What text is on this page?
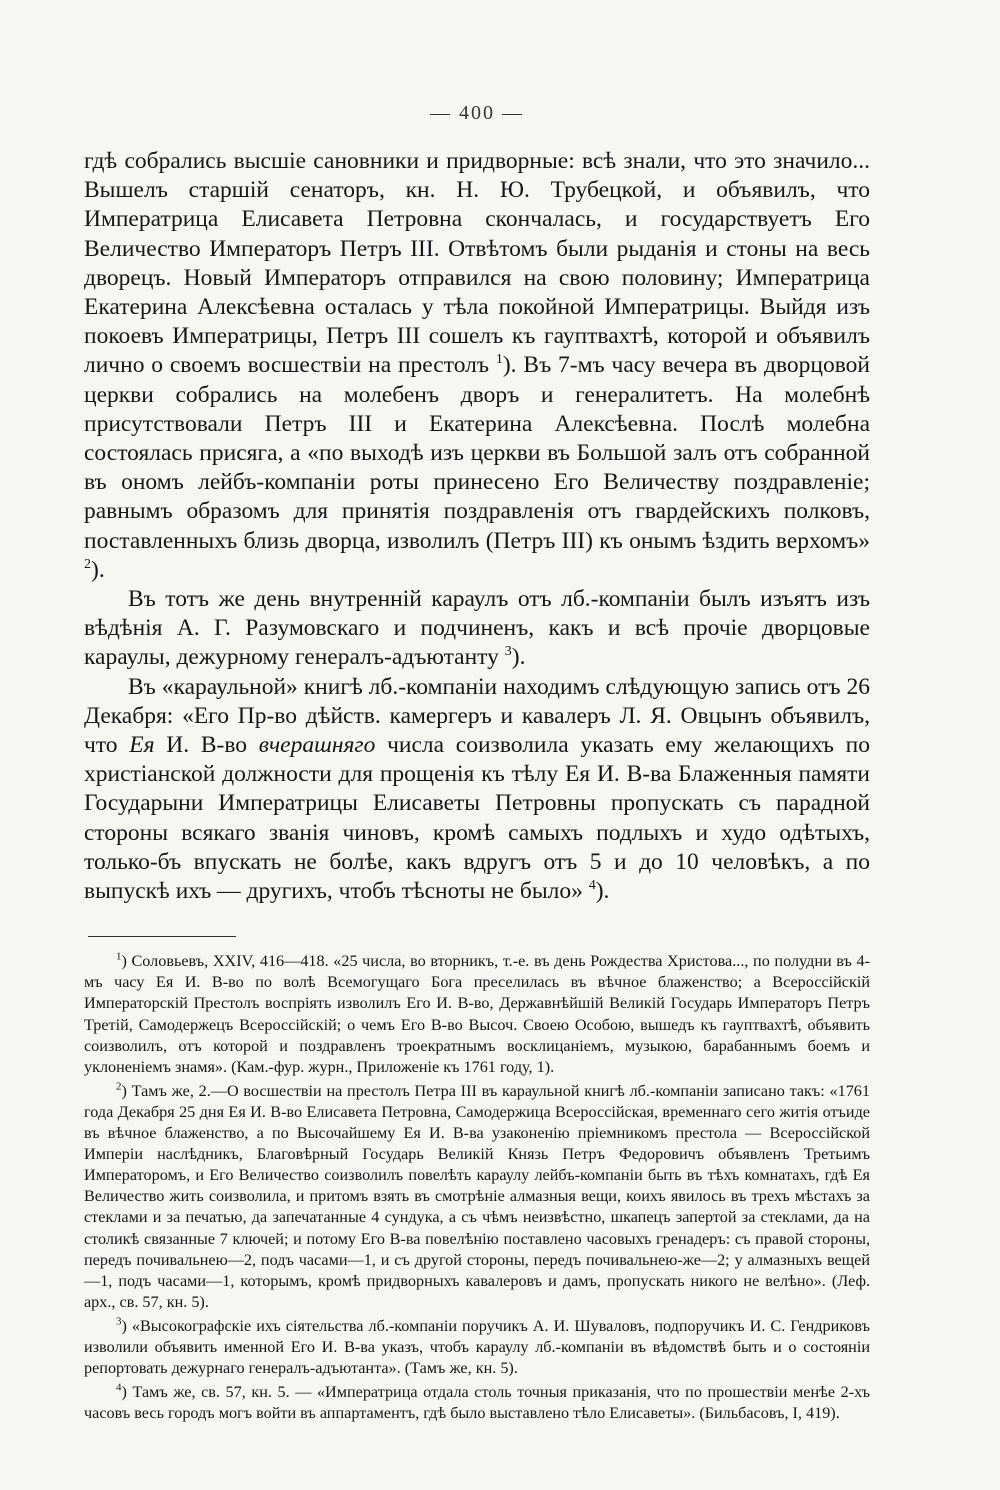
— 400 —

гдѣ собрались высшіе сановники и придворные: всѣ знали, что это значило... Вышелъ старшій сенаторъ, кн. Н. Ю. Трубецкой, и объявилъ, что Императрица Елисавета Петровна скончалась, и государствуетъ Его Величество Императоръ Петръ III. Отвѣтомъ были рыданія и стоны на весь дворецъ. Новый Императоръ отправился на свою половину; Императрица Екатерина Алексѣевна осталась у тѣла покойной Императрицы. Выйдя изъ покоевъ Императрицы, Петръ III сошелъ къ гауптвахтѣ, которой и объявилъ лично о своемъ восшествіи на престолъ $^1$). Въ 7-мъ часу вечера въ дворцовой церкви собрались на молебенъ дворъ и генералитетъ. На молебнѣ присутствовали Петръ III и Екатерина Алексѣевна. Послѣ молебна состоялась присяга, а «по выходѣ изъ церкви въ Большой залъ отъ собранной въ ономъ лейбъ-компаніи роты принесено Его Величеству поздравленіе; равнымъ образомъ для принятія поздравленія отъ гвардейскихъ полковъ, поставленныхъ близь дворца, изволилъ (Петръ III) къ онымъ ѣздить верхомъ» $^2$).

Въ тотъ же день внутренній караулъ отъ лб.-компаніи былъ изъятъ изъ вѣдѣнія А. Г. Разумовскаго и подчиненъ, какъ и всѣ прочіе дворцовые караулы, дежурному генералъ-адъютанту $^3$).

Въ «караульной» книгѣ лб.-компаніи находимъ слѣдующую запись отъ 26 Декабря: «Его Пр-во дѣйств. камергеръ и кавалеръ Л. Я. Овцынъ объявилъ, что Ея И. В-во вчерашняго числа соизволила указать ему желающихъ по христіанской должности для прощенія къ тѣлу Ея И. В-ва Блаженныя памяти Государыни Императрицы Елисаветы Петровны пропускать съ парадной стороны всякаго званія чиновъ, кромѣ самыхъ подлыхъ и худо одѣтыхъ, только-бъ впускать не болѣе, какъ вдругъ отъ 5 и до 10 человѣкъ, а по выпускѣ ихъ — другихъ, чтобъ тѣсноты не было» $^4$).

$^1$) Соловьевъ, XXIV, 416—418. «25 числа, во вторникъ, т.-е. въ день Рождества Христова..., по полудни въ 4-мъ часу Ея И. В-во по волѣ Всемогущаго Бога преселилась въ вѣчное блаженство; а Всероссійскій Императорскій Престолъ воспріять изволилъ Его И. В-во, Державнѣйшій Великій Государь Императоръ Петръ Третій, Самодержецъ Всероссійскій; о чемъ Его В-во Высоч. Своею Особою, вышедъ къ гауптвахтѣ, объявить соизволилъ, отъ которой и поздравленъ троекратнымъ восклицаніемъ, музыкою, барабаннымъ боемъ и уклоненіемъ знамя». (Кам.-фур. журн., Приложеніе къ 1761 году, 1).

$^2$) Тамъ же, 2.—О восшествіи на престолъ Петра III въ караульной книгѣ лб.-компаніи записано такъ: «1761 года Декабря 25 дня Ея И. В-во Елисавета Петровна, Самодержица Всероссійская, временнаго сего житія отъиде въ вѣчное блаженство, а по Высочайшему Ея И. В-ва узаконенію пріемникомъ престола — Всероссійской Имперіи наслѣдникъ, Благовѣрный Государь Великій Князь Петръ Федоровичъ объявленъ Третьимъ Императоромъ, и Его Величество соизволилъ повелѣть караулу лейбъ-компаніи быть въ тѣхъ комнатахъ, гдѣ Ея Величество жить соизволила, и притомъ взять въ смотрѣніе алмазныя вещи, коихъ явилось въ трехъ мѣстахъ за стеклами и за печатью, да запечатанные 4 сундука, а съ чѣмъ неизвѣстно, шкапецъ запертой за стеклами, да на столикѣ связанные 7 ключей; и потому Его В-ва повелѣнію поставлено часовыхъ гренадеръ: съ правой стороны, передъ почивальнею—2, подъ часами—1, и съ другой стороны, передъ почивальнею-же—2; у алмазныхъ вещей—1, подъ часами—1, которымъ, кромѣ придворныхъ кавалеровъ и дамъ, пропускать никого не велѣно». (Леф. арх., св. 57, кн. 5).

$^3$) «Высокографскіе ихъ сіятельства лб.-компаніи поручикъ А. И. Шуваловъ, подпоручикъ И. С. Гендриковъ изволили объявить именной Его И. В-ва указъ, чтобъ караулу лб.-компаніи въ вѣдомствѣ быть и о состояніи репортовать дежурнаго генералъ-адъютанта». (Тамъ же, кн. 5).

$^4$) Тамъ же, св. 57, кн. 5. — «Императрица отдала столь точныя приказанія, что по прошествіи менѣе 2-хъ часовъ весь городъ могъ войти въ аппартаментъ, гдѣ было выставлено тѣло Елисаветы». (Бильбасовъ, I, 419).
